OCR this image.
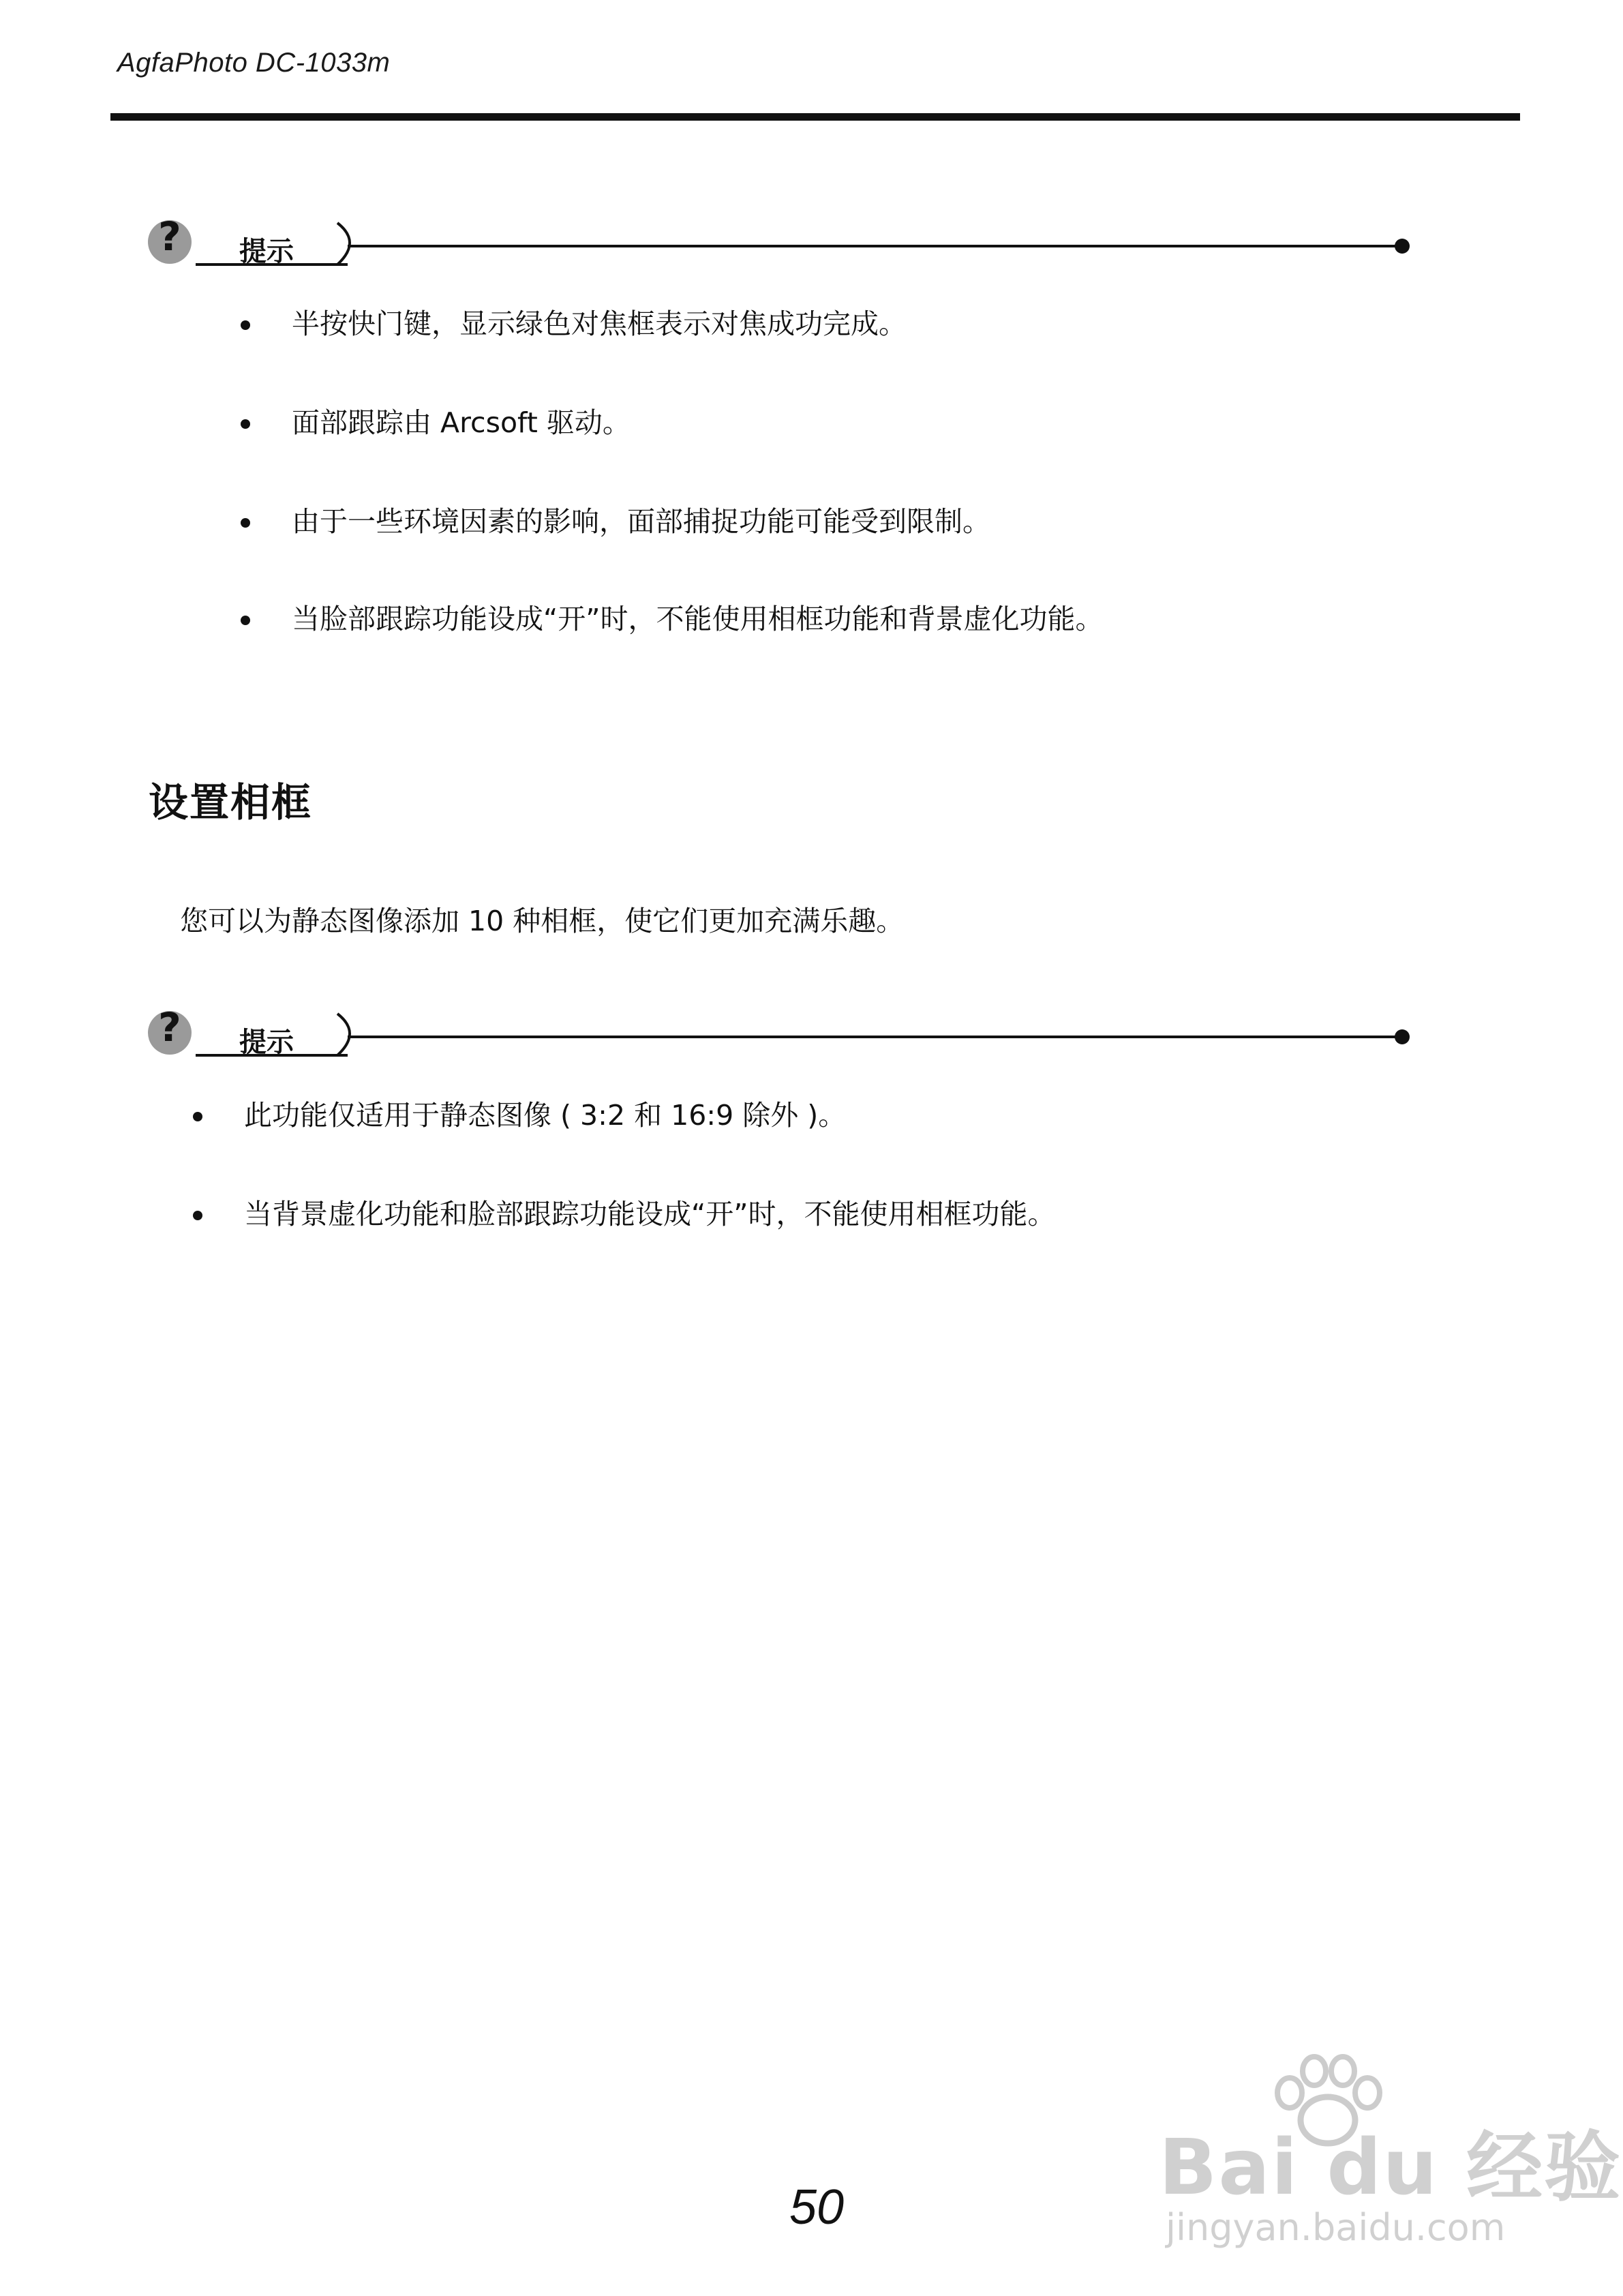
AgfaPhoto DC-1033m
? 提示
半按快门键，显示绿色对焦框表示对焦成功完成。
面部跟踪由 Arcsoft 驱动。
由于一些环境因素的影响，面部捕捉功能可能受到限制。
当脸部跟踪功能设成“开”时，不能使用相框功能和背景虚化功能。
设置相框
您可以为静态图像添加 10 种相框，使它们更加充满乐趣。
? 提示
此功能仅适用于静态图像 ( 3:2 和 16:9 除外 )。
当背景虚化功能和脸部跟踪功能设成“开”时，不能使用相框功能。
50	Bai du 经验
jingyan.baidu.com
